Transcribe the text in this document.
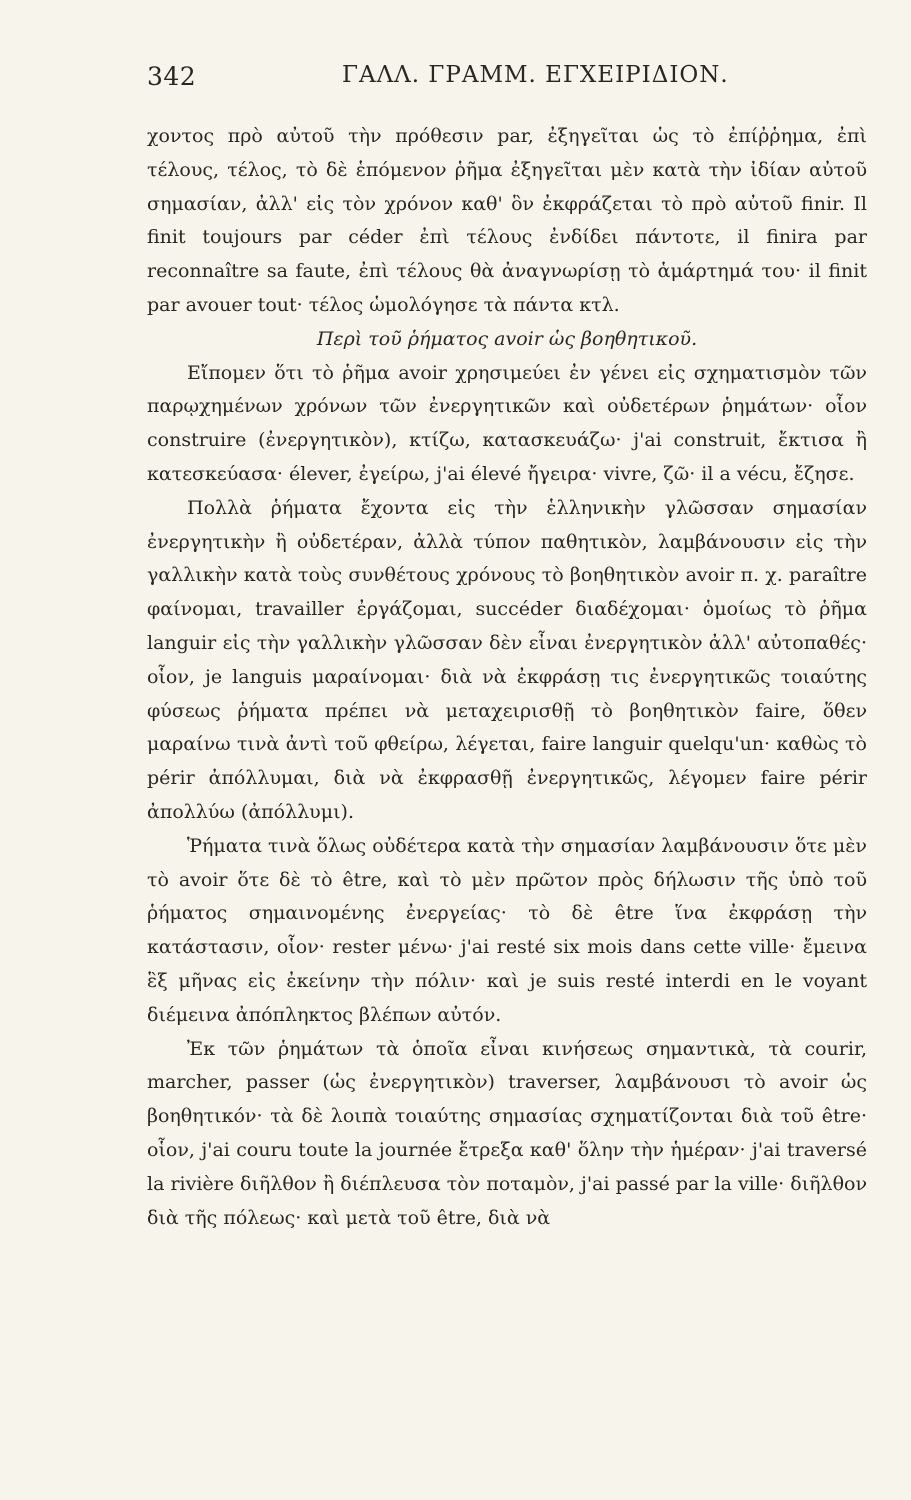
342	ΓΑΛΛ. ΓΡΑΜΜ. ΕΓΧΕΙΡΙΔΙΟΝ.

χοντος πρὸ αὐτοῦ τὴν πρόθεσιν par, ἐξηγεῖται ὡς τὸ ἐπίῤῥημα, ἐπὶ τέλους, τέλος, τὸ δὲ ἑπόμενον ῥῆμα ἐξηγεῖται μὲν κατὰ τὴν ἰδίαν αὐτοῦ σημασίαν, ἀλλ' εἰς τὸν χρόνον καθ' ὃν ἐκφράζεται τὸ πρὸ αὐτοῦ finir. Il finit toujours par céder ἐπὶ τέλους ἐνδίδει πάντοτε, il finira par reconnaître sa faute, ἐπὶ τέλους θὰ ἀναγνωρίσῃ τὸ ἁμάρτημά του· il finit par avouer tout· τέλος ὡμολόγησε τὰ πάντα κτλ.

Περὶ τοῦ ῥήματος avoir ὡς βοηθητικοῦ.

Εἴπομεν ὅτι τὸ ῥῆμα avoir χρησιμεύει ἐν γένει εἰς σχηματισμὸν τῶν παρῳχημένων χρόνων τῶν ἐνεργητικῶν καὶ οὐδετέρων ῥημάτων· οἷον construire (ἐνεργητικὸν), κτίζω, κατασκευάζω· j'ai construit, ἔκτισα ἢ κατεσκεύασα· élever, ἐγείρω, j'ai élevé ἤγειρα· vivre, ζῶ· il a vécu, ἔζησε.

Πολλὰ ῥήματα ἔχοντα εἰς τὴν ἑλληνικὴν γλῶσσαν σημασίαν ἐνεργητικὴν ἢ οὐδετέραν, ἀλλὰ τύπον παθητικὸν, λαμβάνουσιν εἰς τὴν γαλλικὴν κατὰ τοὺς συνθέτους χρόνους τὸ βοηθητικὸν avoir π. χ. paraître φαίνομαι, travailler ἐργάζομαι, succéder διαδέχομαι· ὁμοίως τὸ ῥῆμα languir εἰς τὴν γαλλικὴν γλῶσσαν δὲν εἶναι ἐνεργητικὸν ἀλλ' αὐτοπαθές· οἷον, je languis μαραίνομαι· διὰ νὰ ἐκφράσῃ τις ἐνεργητικῶς τοιαύτης φύσεως ῥήματα πρέπει νὰ μεταχειρισθῇ τὸ βοηθητικὸν faire, ὅθεν μαραίνω τινὰ ἀντὶ τοῦ φθείρω, λέγεται, faire languir quelqu'un· καθὼς τὸ périr ἀπόλλυμαι, διὰ νὰ ἐκφρασθῇ ἐνεργητικῶς, λέγομεν faire périr ἀπολλύω (ἀπόλλυμι).

Ῥήματα τινὰ ὅλως οὐδέτερα κατὰ τὴν σημασίαν λαμβάνουσιν ὅτε μὲν τὸ avoir ὅτε δὲ τὸ être, καὶ τὸ μὲν πρῶτον πρὸς δήλωσιν τῆς ὑπὸ τοῦ ῥήματος σημαινομένης ἐνεργείας· τὸ δὲ être ἵνα ἐκφράσῃ τὴν κατάστασιν, οἷον· rester μένω· j'ai resté six mois dans cette ville· ἔμεινα ἓξ μῆνας εἰς ἐκείνην τὴν πόλιν· καὶ je suis resté interdi en le voyant διέμεινα ἀπόπληκτος βλέπων αὐτόν.

Ἐκ τῶν ῥημάτων τὰ ὁποῖα εἶναι κινήσεως σημαντικὰ, τὰ courir, marcher, passer (ὡς ἐνεργητικὸν) traverser, λαμβάνουσι τὸ avoir ὡς βοηθητικόν· τὰ δὲ λοιπὰ τοιαύτης σημασίας σχηματίζονται διὰ τοῦ être· οἷον, j'ai couru toute la journée ἔτρεξα καθ' ὅλην τὴν ἡμέραν· j'ai traversé la rivière διῆλθον ἢ διέπλευσα τὸν ποταμὸν, j'ai passé par la ville· διῆλθον διὰ τῆς πόλεως· καὶ μετὰ τοῦ être, διὰ νὰ
